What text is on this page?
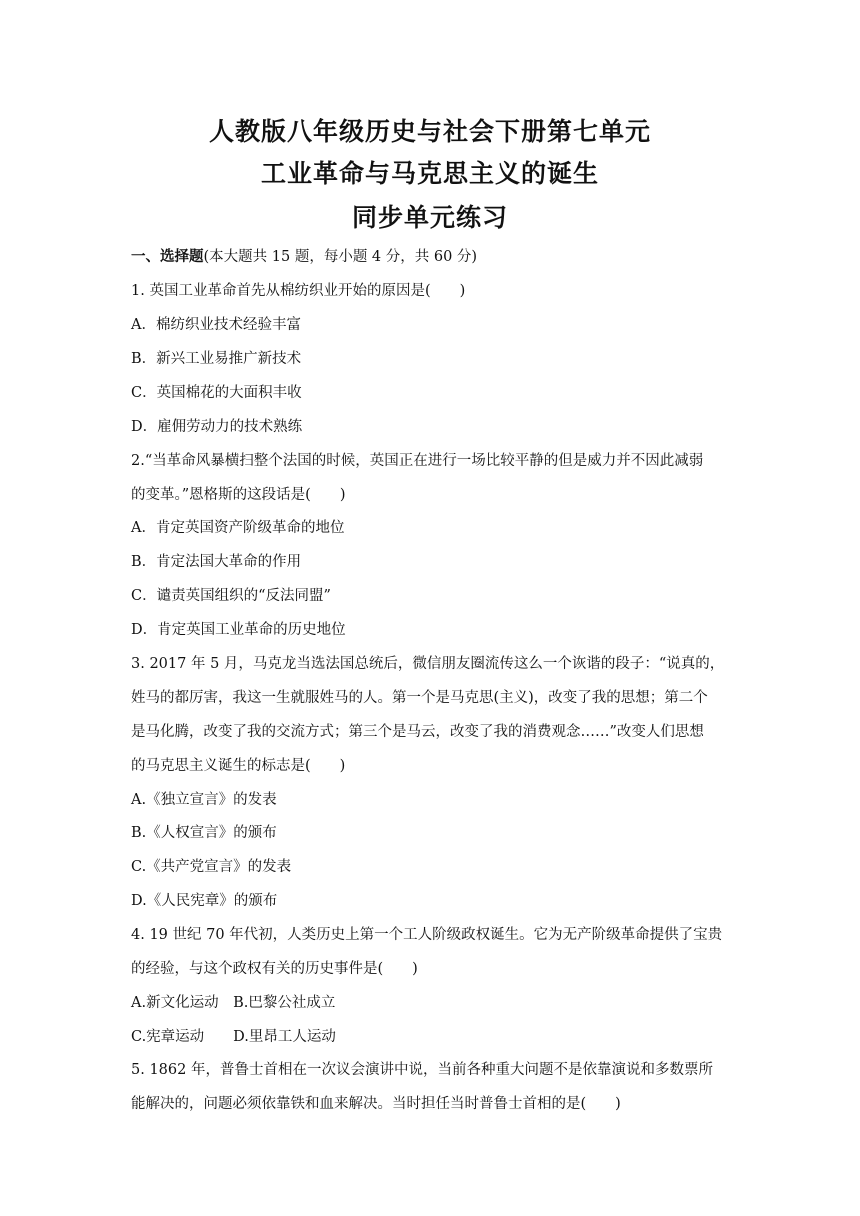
人教版八年级历史与社会下册第七单元
工业革命与马克思主义的诞生
同步单元练习
一、选择题(本大题共 15 题，每小题 4 分，共 60 分)
1. 英国工业革命首先从棉纺织业开始的原因是(　　)
A．棉纺织业技术经验丰富
B．新兴工业易推广新技术
C．英国棉花的大面积丰收
D．雇佣劳动力的技术熟练
2.“当革命风暴横扫整个法国的时候，英国正在进行一场比较平静的但是威力并不因此减弱
的变革。”恩格斯的这段话是(　　)
A．肯定英国资产阶级革命的地位
B．肯定法国大革命的作用
C．谴责英国组织的“反法同盟”
D．肯定英国工业革命的历史地位
3. 2017 年 5 月，马克龙当选法国总统后，微信朋友圈流传这么一个诙谐的段子：“说真的，
姓马的都厉害，我这一生就服姓马的人。第一个是马克思(主义)，改变了我的思想；第二个
是马化腾，改变了我的交流方式；第三个是马云，改变了我的消费观念……”改变人们思想
的马克思主义诞生的标志是(　　)
A.《独立宣言》的发表
B.《人权宣言》的颁布
C.《共产党宣言》的发表
D.《人民宪章》的颁布
4. 19 世纪 70 年代初，人类历史上第一个工人阶级政权诞生。它为无产阶级革命提供了宝贵
的经验，与这个政权有关的历史事件是(　　)
A.新文化运动　B.巴黎公社成立
C.宪章运动　　D.里昂工人运动
5. 1862 年，普鲁士首相在一次议会演讲中说，当前各种重大问题不是依靠演说和多数票所
能解决的，问题必须依靠铁和血来解决。当时担任当时普鲁士首相的是(　　)
